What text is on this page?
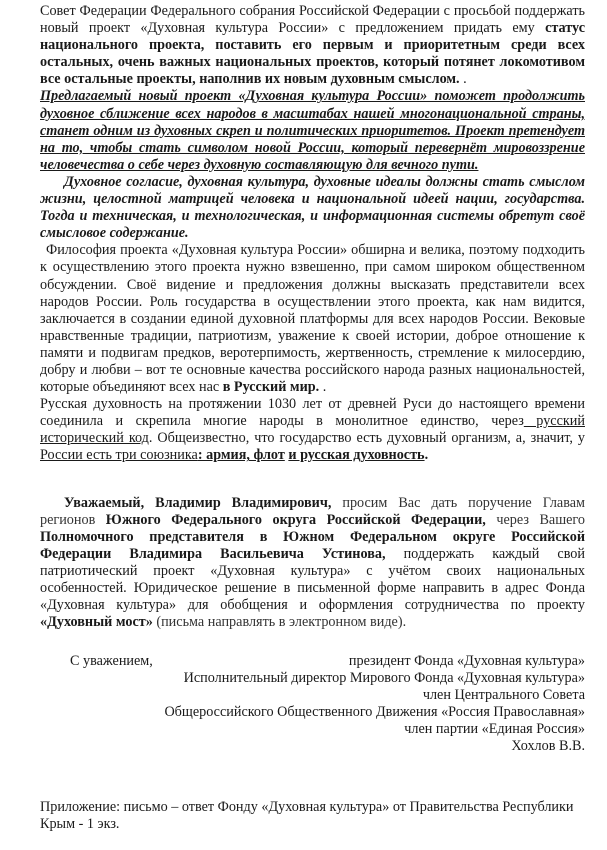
Совет Федерации Федерального собрания Российской Федерации с просьбой поддержать новый проект «Духовная культура России» с предложением придать ему статус национального проекта, поставить его первым и приоритетным среди всех остальных, очень важных национальных проектов, который потянет локомотивом все остальные проекты, наполнив их новым духовным смыслом. .

Предлагаемый новый проект «Духовная культура России» поможет продолжить духовное сближение всех народов в масштабах нашей многонациональной страны, станет одним из духовных скреп и политических приоритетов. Проект претендует на то, чтобы стать символом новой России, который перевернёт мировоззрение человечества о себе через духовную составляющую для вечного пути.

Духовное согласие, духовная культура, духовные идеалы должны стать смыслом жизни, целостной матрицей человека и национальной идеей нации, государства. Тогда и техническая, и технологическая, и информационная системы обретут своё смысловое содержание.

Философия проекта «Духовная культура России» обширна и велика, поэтому подходить к осуществлению этого проекта нужно взвешенно, при самом широком общественном обсуждении. Своё видение и предложения должны высказать представители всех народов России. Роль государства в осуществлении этого проекта, как нам видится, заключается в создании единой духовной платформы для всех народов России. Вековые нравственные традиции, патриотизм, уважение к своей истории, доброе отношение к памяти и подвигам предков, веротерпимость, жертвенность, стремление к милосердию, добру и любви – вот те основные качества российского народа разных национальностей, которые объединяют всех нас в Русский мир. .

Русская духовность на протяжении 1030 лет от древней Руси до настоящего времени соединила и скрепила многие народы в монолитное единство, через русский исторический код. Общеизвестно, что государство есть духовный организм, а, значит, у России есть три союзника: армия, флот и русская духовность.

Уважаемый, Владимир Владимирович, просим Вас дать поручение Главам регионов Южного Федерального округа Российской Федерации, через Вашего Полномочного представителя в Южном Федеральном округе Российской Федерации Владимира Васильевича Устинова, поддержать каждый свой патриотический проект «Духовная культура» с учётом своих национальных особенностей. Юридическое решение в письменной форме направить в адрес Фонда «Духовная культура» для обобщения и оформления сотрудничества по проекту «Духовный мост» (письма направлять в электронном виде).

С уважением,	президент Фонда «Духовная культура»
Исполнительный директор Мирового Фонда «Духовная культура»
член Центрального Совета
Общероссийского Общественного Движения «Россия Православная»
член партии «Единая Россия»
Хохлов В.В.

Приложение: письмо – ответ Фонду «Духовная культура» от Правительства Республики Крым - 1 экз.
